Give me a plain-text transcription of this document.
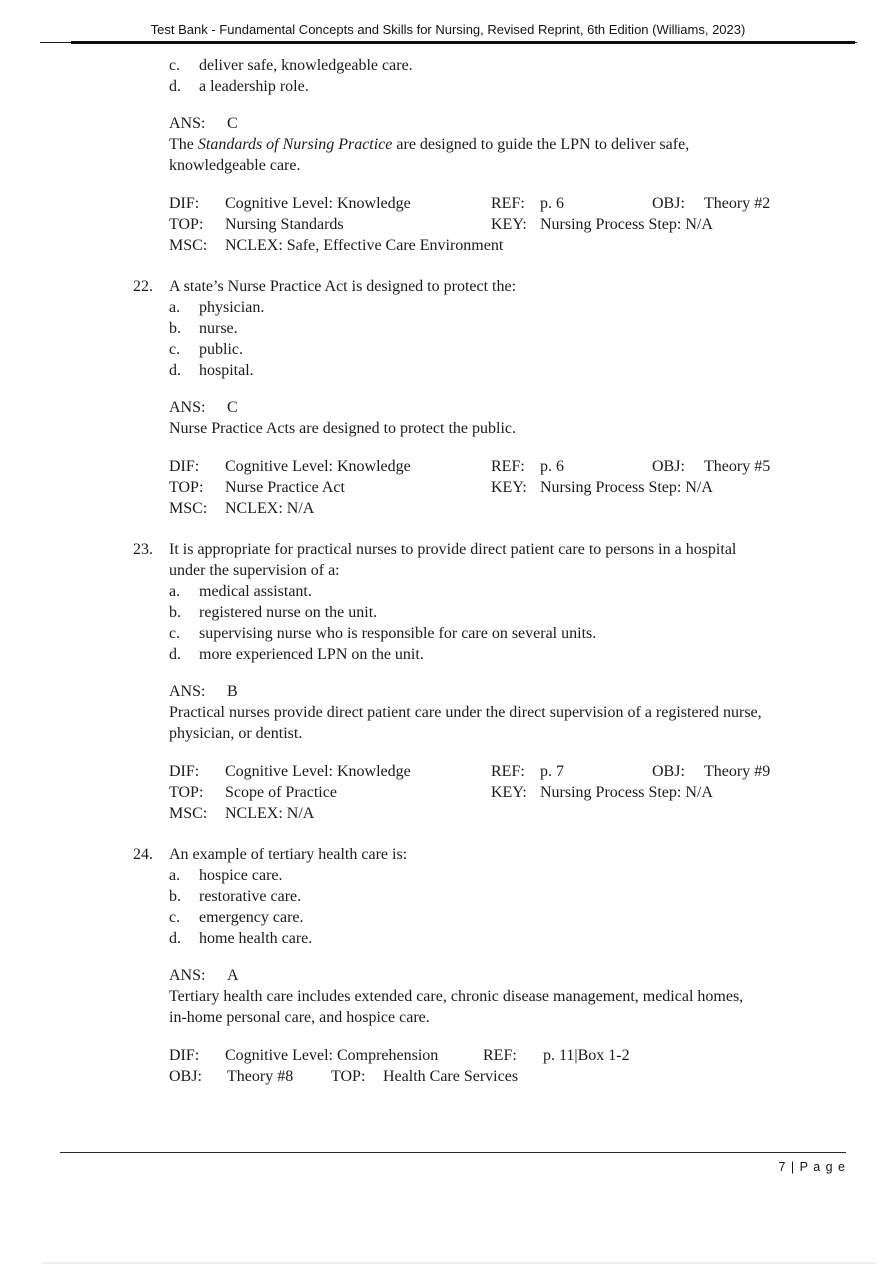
Test Bank - Fundamental Concepts and Skills for Nursing, Revised Reprint, 6th Edition (Williams, 2023)
c. deliver safe, knowledgeable care.
d. a leadership role.
ANS: C
The Standards of Nursing Practice are designed to guide the LPN to deliver safe,
knowledgeable care.
DIF: Cognitive Level: Knowledge	REF: p. 6	OBJ: Theory #2
TOP: Nursing Standards	KEY: Nursing Process Step: N/A
MSC: NCLEX: Safe, Effective Care Environment
22.	A state’s Nurse Practice Act is designed to protect the:
a. physician.
b. nurse.
c. public.
d. hospital.
ANS: C
Nurse Practice Acts are designed to protect the public.
DIF: Cognitive Level: Knowledge	REF: p. 6	OBJ: Theory #5
TOP: Nurse Practice Act	KEY: Nursing Process Step: N/A
MSC: NCLEX: N/A
23.	It is appropriate for practical nurses to provide direct patient care to persons in a hospital
under the supervision of a:
a. medical assistant.
b. registered nurse on the unit.
c. supervising nurse who is responsible for care on several units.
d. more experienced LPN on the unit.
ANS: B
Practical nurses provide direct patient care under the direct supervision of a registered nurse,
physician, or dentist.
DIF: Cognitive Level: Knowledge	REF: p. 7	OBJ: Theory #9
TOP: Scope of Practice	KEY: Nursing Process Step: N/A
MSC: NCLEX: N/A
24.	An example of tertiary health care is:
a. hospice care.
b. restorative care.
c. emergency care.
d. home health care.
ANS: A
Tertiary health care includes extended care, chronic disease management, medical homes,
in-home personal care, and hospice care.
DIF: Cognitive Level: Comprehension	REF: p. 11|Box 1-2
OBJ: Theory #8 TOP: Health Care Services
7 | P a g e
